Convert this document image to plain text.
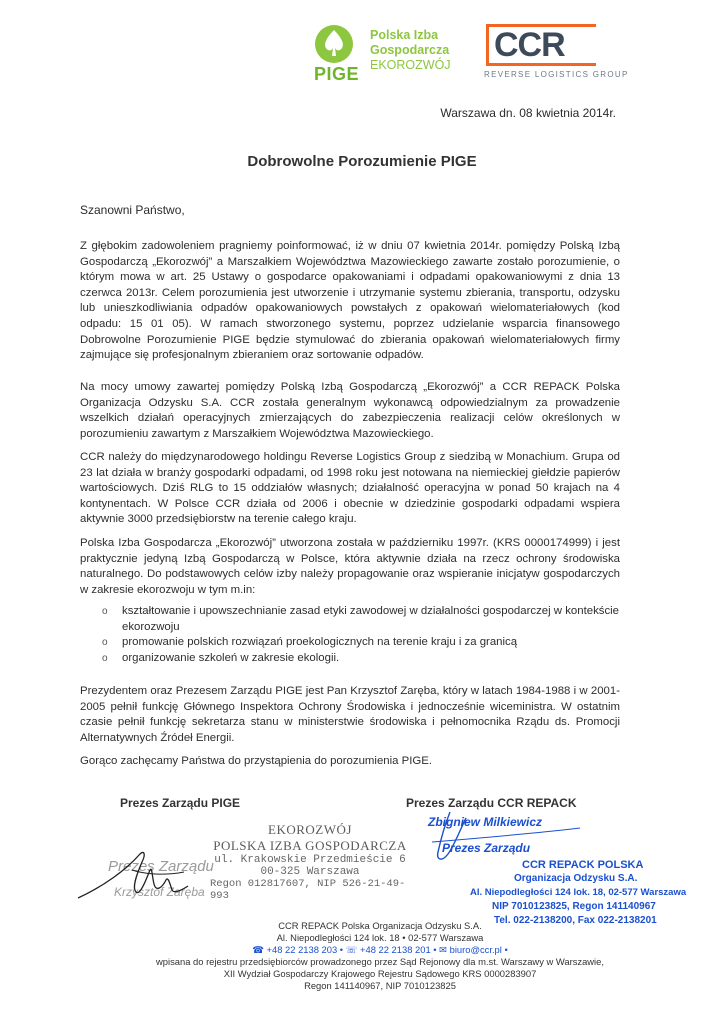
Polska Izba
Gospodarcza
EKOROZWÓJ
PIGE
CCR
REVERSE LOGISTICS GROUP
Warszawa dn. 08 kwietnia 2014r.
Dobrowolne Porozumienie PIGE
Szanowni Państwo,
Z głębokim zadowoleniem pragniemy poinformować, iż w dniu 07 kwietnia 2014r. pomiędzy Polską Izbą Gospodarczą „Ekorozwój” a Marszałkiem Województwa Mazowieckiego zawarte zostało porozumienie, o którym mowa w art. 25 Ustawy o gospodarce opakowaniami i odpadami opakowaniowymi z dnia 13 czerwca 2013r. Celem porozumienia jest utworzenie i utrzymanie systemu zbierania, transportu, odzysku lub unieszkodliwiania odpadów opakowaniowych powstałych z opakowań wielomateriałowych (kod odpadu: 15 01 05). W ramach stworzonego systemu, poprzez udzielanie wsparcia finansowego Dobrowolne Porozumienie PIGE będzie stymulować do zbierania opakowań wielomateriałowych firmy zajmujące się profesjonalnym zbieraniem oraz sortowanie odpadów.
Na mocy umowy zawartej pomiędzy Polską Izbą Gospodarczą „Ekorozwój” a CCR REPACK Polska Organizacja Odzysku S.A. CCR została generalnym wykonawcą odpowiedzialnym za prowadzenie wszelkich działań operacyjnych zmierzających do zabezpieczenia realizacji celów określonych w porozumieniu zawartym z Marszałkiem Województwa Mazowieckiego.
CCR należy do międzynarodowego holdingu Reverse Logistics Group z siedzibą w Monachium. Grupa od 23 lat działa w branży gospodarki odpadami, od 1998 roku jest notowana na niemieckiej giełdzie papierów wartościowych. Dziś RLG to 15 oddziałów własnych; działalność operacyjna w ponad 50 krajach na 4 kontynentach. W Polsce CCR działa od 2006 i obecnie w dziedzinie gospodarki odpadami wspiera aktywnie 3000 przedsiębiorstw na terenie całego kraju.
Polska Izba Gospodarcza „Ekorozwój” utworzona została w październiku 1997r. (KRS 0000174999) i jest praktycznie jedyną Izbą Gospodarczą w Polsce, która aktywnie działa na rzecz ochrony środowiska naturalnego. Do podstawowych celów izby należy propagowanie oraz wspieranie inicjatyw gospodarczych w zakresie ekorozwoju w tym m.in:
o kształtowanie i upowszechnianie zasad etyki zawodowej w działalności gospodarczej w kontekście ekorozwoju
o promowanie polskich rozwiązań proekologicznych na terenie kraju i za granicą
o organizowanie szkoleń w zakresie ekologii.
Prezydentem oraz Prezesem Zarządu PIGE jest Pan Krzysztof Zaręba, który w latach 1984-1988 i w 2001-2005 pełnił funkcję Głównego Inspektora Ochrony Środowiska i jednocześnie wiceministra. W ostatnim czasie pełnił funkcję sekretarza stanu w ministerstwie środowiska i pełnomocnika Rządu ds. Promocji Alternatywnych Źródeł Energii.
Gorąco zachęcamy Państwa do przystąpienia do porozumienia PIGE.
Prezes Zarządu PIGE	Prezes Zarządu CCR REPACK
EKOROZWÓJ
POLSKA IZBA GOSPODARCZA
ul. Krakowskie Przedmieście 6
00-325 Warszawa
Regon 012817607, NIP 526-21-49-993
Prezes Zarządu
Krzysztof Zaręba
Zbigniew Milkiewicz
Prezes Zarządu
CCR REPACK POLSKA
Organizacja Odzysku S.A.
Al. Niepodległości 124 lok. 18, 02-577 Warszawa
NIP 7010123825, Regon 141140967
Tel. 022-2138200, Fax 022-2138201
CCR REPACK Polska Organizacja Odzysku S.A.
Al. Niepodległości 124 lok. 18 • 02-577 Warszawa
☎ +48 22 2138 203 • ☏ +48 22 2138 201 • ✉ biuro@ccr.pl •
wpisana do rejestru przedsiębiorców prowadzonego przez Sąd Rejonowy dla m.st. Warszawy w Warszawie,
XII Wydział Gospodarczy Krajowego Rejestru Sądowego KRS 0000283907
Regon 141140967, NIP 7010123825
